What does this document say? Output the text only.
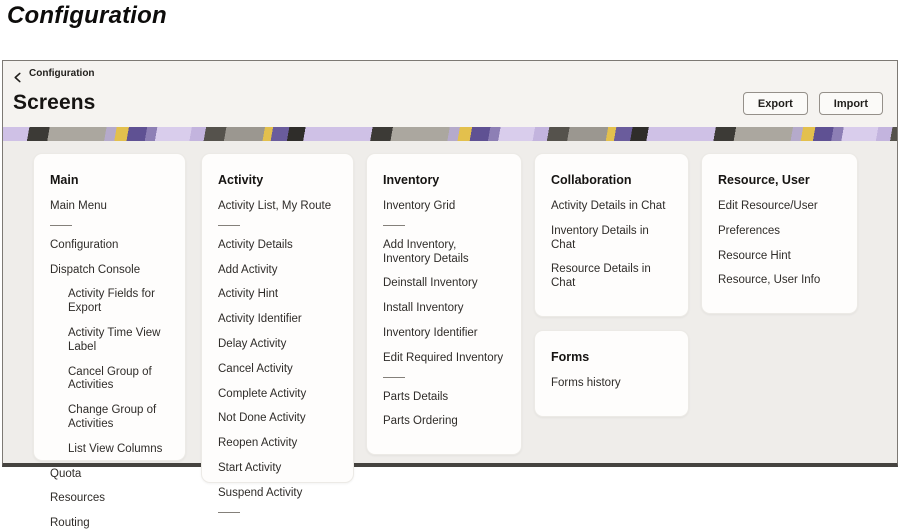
Configuration
Configuration
Screens	Export	Import
Main
Main Menu
Configuration
Dispatch Console
Activity Fields for Export
Activity Time View Label
Cancel Group of Activities
Change Group of Activities
List View Columns
Quota
Resources
Routing
Activity
Activity List, My Route
Activity Details
Add Activity
Activity Hint
Activity Identifier
Delay Activity
Cancel Activity
Complete Activity
Not Done Activity
Reopen Activity
Start Activity
Suspend Activity
Inventory
Inventory Grid
Add Inventory, Inventory Details
Deinstall Inventory
Install Inventory
Inventory Identifier
Edit Required Inventory
Parts Details
Parts Ordering
Collaboration
Activity Details in Chat
Inventory Details in Chat
Resource Details in Chat
Forms
Forms history
Resource, User
Edit Resource/User
Preferences
Resource Hint
Resource, User Info
